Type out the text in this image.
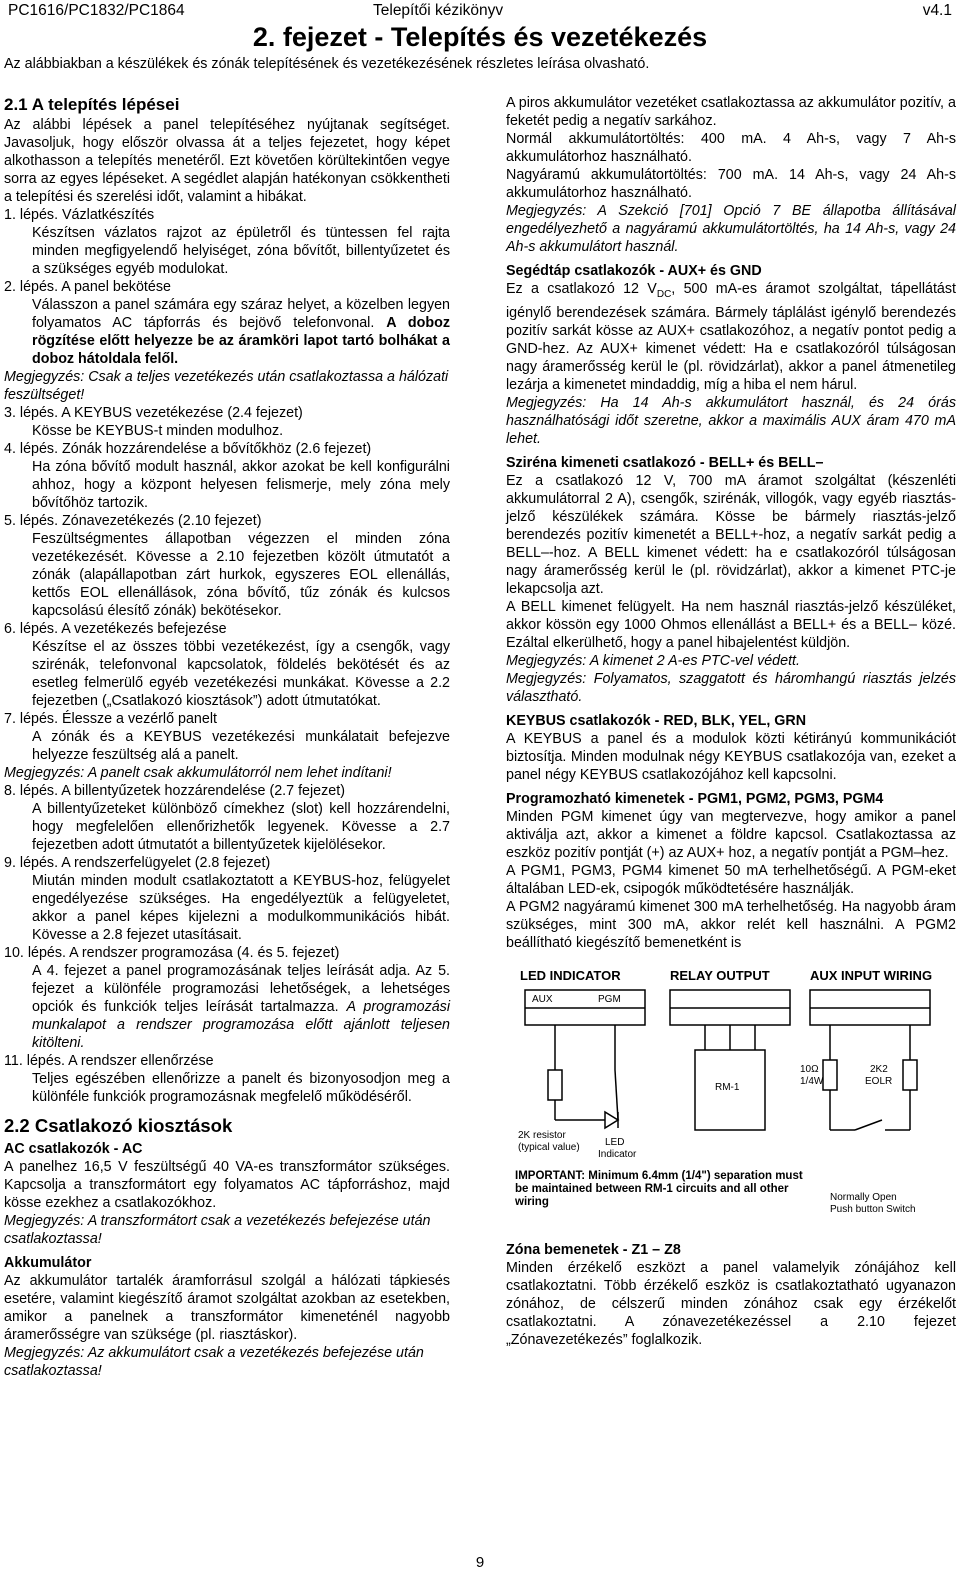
PC1616/PC1832/PC1864	Telepítői kézikönyv	v4.1
2. fejezet - Telepítés és vezetékezés
Az alábbiakban a készülékek és zónák telepítésének és vezetékezésének részletes leírása olvasható.
2.1 A telepítés lépései

Az alábbi lépések a panel telepítéséhez nyújtanak segítséget. Javasoljuk, hogy először olvassa át a teljes fejezetet, hogy képet alkothasson a telepítés menetéről. Ezt követően körültekintően vegye sorra az egyes lépéseket. A segédlet alapján hatékonyan csökkentheti a telepítési és szerelési időt, valamint a hibákat.

1. lépés. Vázlatkészítés

Készítsen vázlatos rajzot az épületről és tüntessen fel rajta minden megfigyelendő helyiséget, zóna bővítőt, billentyűzetet és a szükséges egyéb modulokat.

2. lépés. A panel bekötése

Válasszon a panel számára egy száraz helyet, a közelben legyen folyamatos AC tápforrás és bejövő telefonvonal. A doboz rögzítése előtt helyezze be az áramköri lapot tartó bolhákat a doboz hátoldala felől.

Megjegyzés: Csak a teljes vezetékezés után csatlakoztassa a hálózati feszültséget!

3. lépés. A KEYBUS vezetékezése (2.4 fejezet)

Kösse be KEYBUS-t minden modulhoz.

4. lépés. Zónák hozzárendelése a bővítőkhöz (2.6 fejezet)

Ha zóna bővítő modult használ, akkor azokat be kell konfigurálni ahhoz, hogy a központ helyesen felismerje, mely zóna mely bővítőhöz tartozik.

5. lépés. Zónavezetékezés (2.10 fejezet)

Feszültségmentes állapotban végezzen el minden zóna vezetékezését. Kövesse a 2.10 fejezetben közölt útmutatót a zónák (alapállapotban zárt hurkok, egyszeres EOL ellenállás, kettős EOL ellenállások, zóna bővítő, tűz zónák és kulcsos kapcsolású élesítő zónák) bekötésekor.

6. lépés. A vezetékezés befejezése

Készítse el az összes többi vezetékezést, így a csengők, vagy szirénák, telefonvonal kapcsolatok, földelés bekötését és az esetleg felmerülő egyéb vezetékezési munkákat. Kövesse a 2.2 fejezetben („Csatlakozó kiosztások”) adott útmutatókat.

7. lépés. Élessze a vezérlő panelt

A zónák és a KEYBUS vezetékezési munkálatait befejezve helyezze feszültség alá a panelt.

Megjegyzés: A panelt csak akkumulátorról nem lehet indítani!

8. lépés. A billentyűzetek hozzárendelése (2.7 fejezet)

A billentyűzeteket különböző címekhez (slot) kell hozzárendelni, hogy megfelelően ellenőrizhetők legyenek. Kövesse a 2.7 fejezetben adott útmutatót a billentyűzetek kijelölésekor.

9. lépés. A rendszerfelügyelet (2.8 fejezet)

Miután minden modult csatlakoztatott a KEYBUS-hoz, felügyelet engedélyezése szükséges. Ha engedélyeztük a felügyeletet, akkor a panel képes kijelezni a modulkommunikációs hibát. Kövesse a 2.8 fejezet utasításait.

10. lépés. A rendszer programozása (4. és 5. fejezet)

A 4. fejezet a panel programozásának teljes leírását adja. Az 5. fejezet a különféle programozási lehetőségek, a lehetséges opciók és funkciók teljes leírását tartalmazza. A programozási munkalapot a rendszer programozása előtt ajánlott teljesen kitölteni.

11. lépés. A rendszer ellenőrzése

Teljes egészében ellenőrizze a panelt és bizonyosodjon meg a különféle funkciók programozásnak megfelelő működéséről.

2.2 Csatlakozó kiosztások

AC csatlakozók - AC

A panelhez 16,5 V feszültségű 40 VA-es transzformátor szükséges. Kapcsolja a transzformátort egy folyamatos AC tápforráshoz, majd kösse ezekhez a csatlakozókhoz.

Megjegyzés: A transzformátort csak a vezetékezés befejezése után csatlakoztassa!

Akkumulátor

Az akkumulátor tartalék áramforrásul szolgál a hálózati tápkiesés esetére, valamint kiegészítő áramot szolgáltat azokban az esetekben, amikor a panelnek a transzformátor kimeneténél nagyobb áramerősségre van szüksége (pl. riasztáskor).

Megjegyzés: Az akkumulátort csak a vezetékezés befejezése után csatlakoztassa!

A piros akkumulátor vezetéket csatlakoztassa az akkumulátor pozitív, a feketét pedig a negatív sarkához.

Normál akkumulátortöltés: 400 mA. 4 Ah-s, vagy 7 Ah-s akkumulátorhoz használható.

Nagyáramú akkumulátortöltés: 700 mA. 14 Ah-s, vagy 24 Ah-s akkumulátorhoz használható.

Megjegyzés: A Szekció [701] Opció 7 BE állapotba állításával engedélyezhető a nagyáramú akkumulátortöltés, ha 14 Ah-s, vagy 24 Ah-s akkumulátort használ.

Segédtáp csatlakozók - AUX+ és GND

Ez a csatlakozó 12 $V_{DC}$, 500 mA-es áramot szolgáltat, tápellátást igénylő berendezések számára. Bármely táplálást igénylő berendezés pozitív sarkát kösse az AUX+ csatlakozóhoz, a negatív pontot pedig a GND-hez. Az AUX+ kimenet védett: Ha e csatlakozóról túlságosan nagy áramerősség kerül le (pl. rövidzárlat), akkor a panel átmenetileg lezárja a kimenetet mindaddig, míg a hiba el nem hárul.

Megjegyzés: Ha 14 Ah-s akkumulátort használ, és 24 órás használhatósági időt szeretne, akkor a maximális AUX áram 470 mA lehet.

Sziréna kimeneti csatlakozó - BELL+ és BELL–

Ez a csatlakozó 12 V, 700 mA áramot szolgáltat (készenléti akkumulátorral 2 A), csengők, szirénák, villogók, vagy egyéb riasztás-jelző készülékek számára. Kösse be bármely riasztás-jelző berendezés pozitív kimenetét a BELL+-hoz, a negatív sarkát pedig a BELL–-hoz. A BELL kimenet védett: ha e csatlakozóról túlságosan nagy áramerősség kerül le (pl. rövidzárlat), akkor a kimenet PTC-je lekapcsolja azt.

A BELL kimenet felügyelt. Ha nem használ riasztás-jelző készüléket, akkor kössön egy 1000 Ohmos ellenállást a BELL+ és a BELL– közé. Ezáltal elkerülhető, hogy a panel hibajelentést küldjön.

Megjegyzés: A kimenet 2 A-es PTC-vel védett.

Megjegyzés: Folyamatos, szaggatott és háromhangú riasztás jelzés választható.

KEYBUS csatlakozók - RED, BLK, YEL, GRN

A KEYBUS a panel és a modulok közti kétirányú kommunikációt biztosítja. Minden modulnak négy KEYBUS csatlakozója van, ezeket a panel négy KEYBUS csatlakozójához kell kapcsolni.

Programozható kimenetek - PGM1, PGM2, PGM3, PGM4

Minden PGM kimenet úgy van megtervezve, hogy amikor a panel aktiválja azt, akkor a kimenet a földre kapcsol. Csatlakoztassa az eszköz pozitív pontját (+) az AUX+ hoz, a negatív pontját a PGM–hez.

A PGM1, PGM3, PGM4 kimenet 50 mA terhelhetőségű. A PGM-eket általában LED-ek, csipogók működtetésére használják.

A PGM2 nagyáramú kimenet 300 mA terhelhetőség. Ha nagyobb áram szükséges, mint 300 mA, akkor relét kell használni. A PGM2 beállítható kiegészítő bemenetként is

LED INDICATOR	RELAY OUTPUT	AUX INPUT WIRING
AUX	PGM
2K resistor
(typical value)	LED
Indicator
RM-1
10Ω
1/4W
2K2
EOLR
Normally Open
Push button Switch
IMPORTANT: Minimum 6.4mm (1/4") separation must be maintained between RM-1 circuits and all other wiring
Zóna bemenetek - Z1 – Z8

Minden érzékelő eszközt a panel valamelyik zónájához kell csatlakoztatni. Több érzékelő eszköz is csatlakoztatható ugyanazon zónához, de célszerű minden zónához csak egy érzékelőt csatlakoztatni. A zónavezetékezéssel a 2.10 fejezet „Zónavezetékezés” foglalkozik.

9
